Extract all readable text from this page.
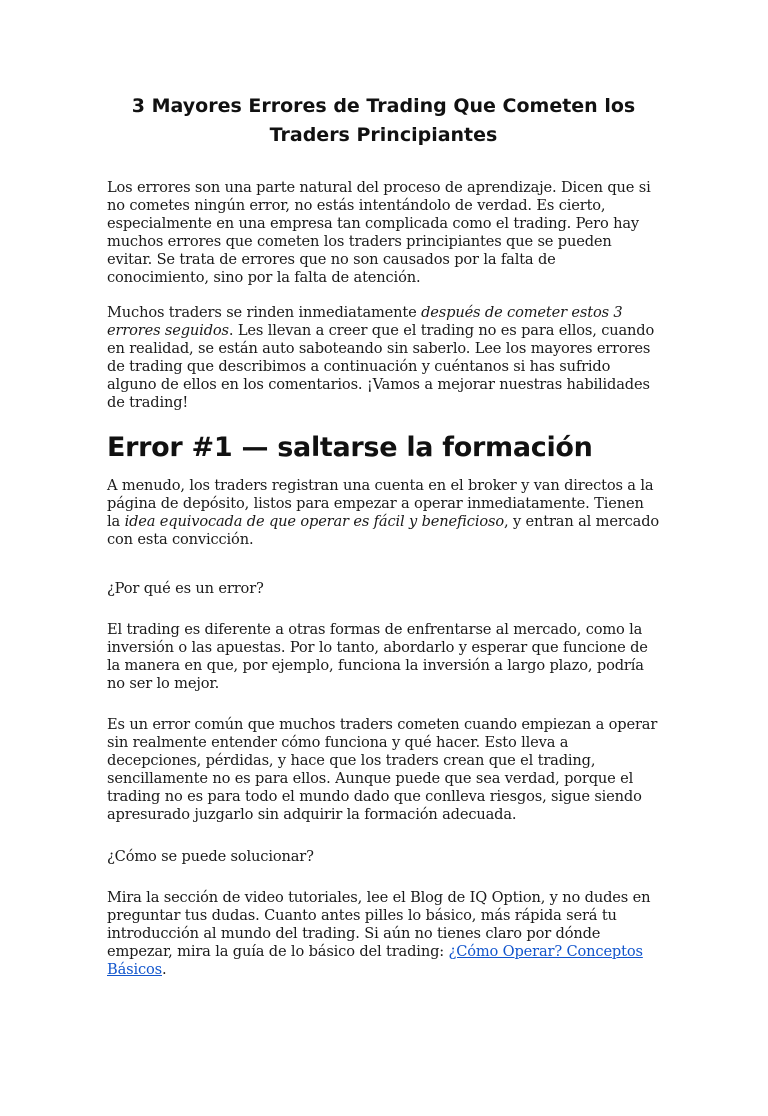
3 Mayores Errores de Trading Que Cometen los
Traders Principiantes

Los errores son una parte natural del proceso de aprendizaje. Dicen que si no cometes ningún error, no estás intentándolo de verdad. Es cierto, especialmente en una empresa tan complicada como el trading. Pero hay muchos errores que cometen los traders principiantes que se pueden evitar. Se trata de errores que no son causados por la falta de conocimiento, sino por la falta de atención.

Muchos traders se rinden inmediatamente después de cometer estos 3 errores seguidos. Les llevan a creer que el trading no es para ellos, cuando en realidad, se están auto saboteando sin saberlo. Lee los mayores errores de trading que describimos a continuación y cuéntanos si has sufrido alguno de ellos en los comentarios. ¡Vamos a mejorar nuestras habilidades de trading!

Error #1 — saltarse la formación

A menudo, los traders registran una cuenta en el broker y van directos a la página de depósito, listos para empezar a operar inmediatamente. Tienen la idea equivocada de que operar es fácil y beneficioso, y entran al mercado con esta convicción.

¿Por qué es un error?

El trading es diferente a otras formas de enfrentarse al mercado, como la inversión o las apuestas. Por lo tanto, abordarlo y esperar que funcione de la manera en que, por ejemplo, funciona la inversión a largo plazo, podría no ser lo mejor.

Es un error común que muchos traders cometen cuando empiezan a operar sin realmente entender cómo funciona y qué hacer. Esto lleva a decepciones, pérdidas, y hace que los traders crean que el trading, sencillamente no es para ellos. Aunque puede que sea verdad, porque el trading no es para todo el mundo dado que conlleva riesgos, sigue siendo apresurado juzgarlo sin adquirir la formación adecuada.

¿Cómo se puede solucionar?

Mira la sección de video tutoriales, lee el Blog de IQ Option, y no dudes en preguntar tus dudas. Cuanto antes pilles lo básico, más rápida será tu introducción al mundo del trading. Si aún no tienes claro por dónde empezar, mira la guía de lo básico del trading: ¿Cómo Operar? Conceptos Básicos.
